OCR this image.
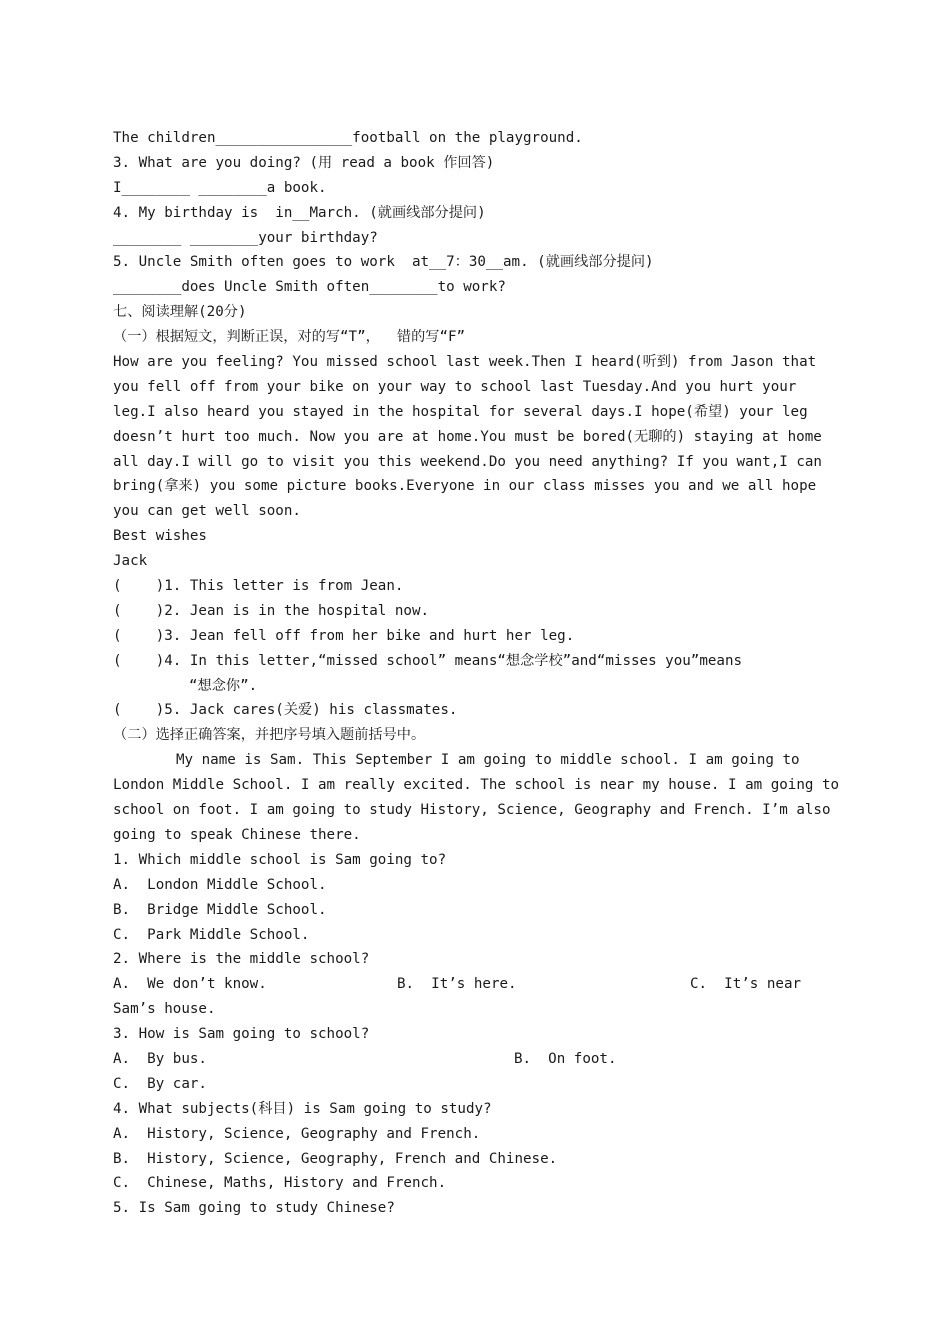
The children________________football on the playground.
3. What are you doing? (用 read a book 作回答)
I________ ________a book.
4. My birthday is  in__March. (就画线部分提问)
________ ________your birthday?
5. Uncle Smith often goes to work  at__7：30__am. (就画线部分提问)
________does Uncle Smith often________to work?
七、阅读理解(20分)
（一）根据短文，判断正误，对的写“T”，  错的写“F”
How are you feeling? You missed school last week.Then I heard(听到) from Jason that
you fell off from your bike on your way to school last Tuesday.And you hurt your
leg.I also heard you stayed in the hospital for several days.I hope(希望) your leg
doesn’t hurt too much. Now you are at home.You must be bored(无聊的) staying at home
all day.I will go to visit you this weekend.Do you need anything? If you want,I can
bring(拿来) you some picture books.Everyone in our class misses you and we all hope
you can get well soon.
Best wishes
Jack
(    )1. This letter is from Jean.
(    )2. Jean is in the hospital now.
(    )3. Jean fell off from her bike and hurt her leg.
(    )4. In this letter,“missed school” means“想念学校”and“misses you”means
“想念你”.
(    )5. Jack cares(关爱) his classmates.
（二）选择正确答案，并把序号填入题前括号中。
My name is Sam. This September I am going to middle school. I am going to
London Middle School. I am really excited. The school is near my house. I am going to
school on foot. I am going to study History, Science, Geography and French. I’m also
going to speak Chinese there.
1. Which middle school is Sam going to?
A.  London Middle School.
B.  Bridge Middle School.
C.  Park Middle School.
2. Where is the middle school?

A.  We don’t know.

	B.  It’s here.

	C.  It’s near

Sam’s house.
3. How is Sam going to school?

A.  By bus.

	B.  On foot.

C.  By car.
4. What subjects(科目) is Sam going to study?
A.  History, Science, Geography and French.
B.  History, Science, Geography, French and Chinese.
C.  Chinese, Maths, History and French.
5. Is Sam going to study Chinese?
